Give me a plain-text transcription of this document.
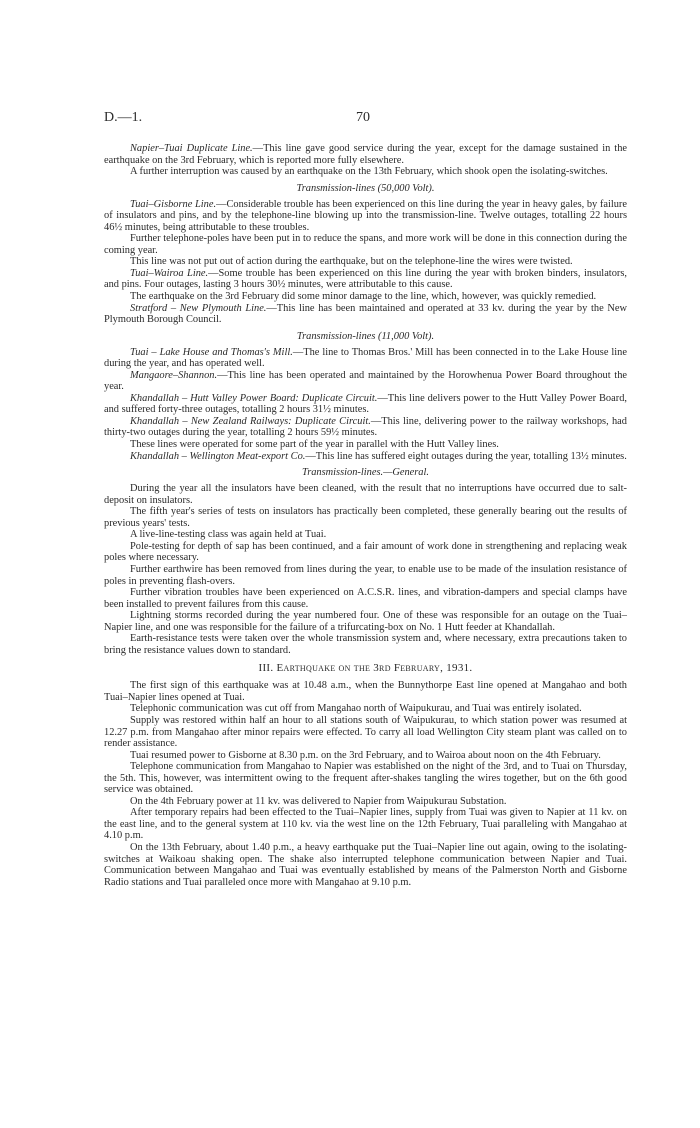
D.—1.	70

Napier–Tuai Duplicate Line.—This line gave good service during the year, except for the damage sustained in the earthquake on the 3rd February, which is reported more fully elsewhere.

A further interruption was caused by an earthquake on the 13th February, which shook open the isolating-switches.

Transmission-lines (50,000 Volt).

Tuai–Gisborne Line.—Considerable trouble has been experienced on this line during the year in heavy gales, by failure of insulators and pins, and by the telephone-line blowing up into the transmission-line. Twelve outages, totalling 22 hours 46½ minutes, being attributable to these troubles.

Further telephone-poles have been put in to reduce the spans, and more work will be done in this connection during the coming year.

This line was not put out of action during the earthquake, but on the telephone-line the wires were twisted.

Tuai–Wairoa Line.—Some trouble has been experienced on this line during the year with broken binders, insulators, and pins. Four outages, lasting 3 hours 30½ minutes, were attributable to this cause.

The earthquake on the 3rd February did some minor damage to the line, which, however, was quickly remedied.

Stratford – New Plymouth Line.—This line has been maintained and operated at 33 kv. during the year by the New Plymouth Borough Council.

Transmission-lines (11,000 Volt).

Tuai – Lake House and Thomas's Mill.—The line to Thomas Bros.' Mill has been connected in to the Lake House line during the year, and has operated well.

Mangaore–Shannon.—This line has been operated and maintained by the Horowhenua Power Board throughout the year.

Khandallah – Hutt Valley Power Board: Duplicate Circuit.—This line delivers power to the Hutt Valley Power Board, and suffered forty-three outages, totalling 2 hours 31½ minutes.

Khandallah – New Zealand Railways: Duplicate Circuit.—This line, delivering power to the railway workshops, had thirty-two outages during the year, totalling 2 hours 59½ minutes.

These lines were operated for some part of the year in parallel with the Hutt Valley lines.

Khandallah – Wellington Meat-export Co.—This line has suffered eight outages during the year, totalling 13½ minutes.

Transmission-lines.—General.

During the year all the insulators have been cleaned, with the result that no interruptions have occurred due to salt-deposit on insulators.

The fifth year's series of tests on insulators has practically been completed, these generally bearing out the results of previous years' tests.

A live-line-testing class was again held at Tuai.

Pole-testing for depth of sap has been continued, and a fair amount of work done in strengthening and replacing weak poles where necessary.

Further earthwire has been removed from lines during the year, to enable use to be made of the insulation resistance of poles in preventing flash-overs.

Further vibration troubles have been experienced on A.C.S.R. lines, and vibration-dampers and special clamps have been installed to prevent failures from this cause.

Lightning storms recorded during the year numbered four. One of these was responsible for an outage on the Tuai–Napier line, and one was responsible for the failure of a trifurcating-box on No. 1 Hutt feeder at Khandallah.

Earth-resistance tests were taken over the whole transmission system and, where necessary, extra precautions taken to bring the resistance values down to standard.

III. Earthquake on the 3rd February, 1931.

The first sign of this earthquake was at 10.48 a.m., when the Bunnythorpe East line opened at Mangahao and both Tuai–Napier lines opened at Tuai.

Telephonic communication was cut off from Mangahao north of Waipukurau, and Tuai was entirely isolated.

Supply was restored within half an hour to all stations south of Waipukurau, to which station power was resumed at 12.27 p.m. from Mangahao after minor repairs were effected. To carry all load Wellington City steam plant was called on to render assistance.

Tuai resumed power to Gisborne at 8.30 p.m. on the 3rd February, and to Wairoa about noon on the 4th February.

Telephone communication from Mangahao to Napier was established on the night of the 3rd, and to Tuai on Thursday, the 5th. This, however, was intermittent owing to the frequent after-shakes tangling the wires together, but on the 6th good service was obtained.

On the 4th February power at 11 kv. was delivered to Napier from Waipukurau Substation.

After temporary repairs had been effected to the Tuai–Napier lines, supply from Tuai was given to Napier at 11 kv. on the east line, and to the general system at 110 kv. via the west line on the 12th February, Tuai paralleling with Mangahao at 4.10 p.m.

On the 13th February, about 1.40 p.m., a heavy earthquake put the Tuai–Napier line out again, owing to the isolating-switches at Waikoau shaking open. The shake also interrupted telephone communication between Napier and Tuai. Communication between Mangahao and Tuai was eventually established by means of the Palmerston North and Gisborne Radio stations and Tuai paralleled once more with Mangahao at 9.10 p.m.
